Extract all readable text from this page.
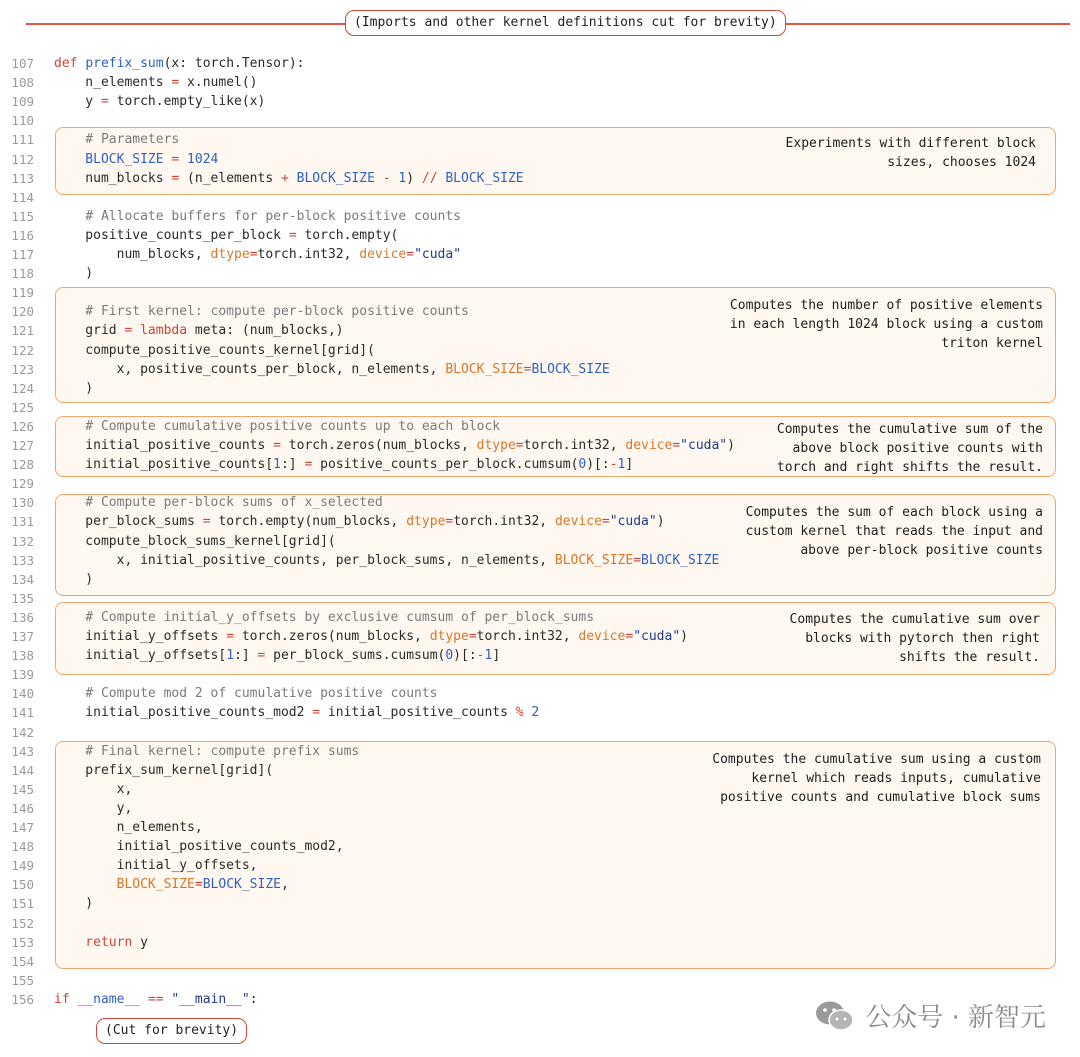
(Imports and other kernel definitions cut for brevity)
107 def prefix_sum(x: torch.Tensor):
108 n_elements = x.numel()
109 y = torch.empty_like(x)
110
111 # Parameters
112 BLOCK_SIZE = 1024
113 num_blocks = (n_elements + BLOCK_SIZE - 1) // BLOCK_SIZE
114
115 # Allocate buffers for per-block positive counts
116 positive_counts_per_block = torch.empty(
117 num_blocks, dtype=torch.int32, device="cuda"
118 )
119
120 # First kernel: compute per-block positive counts
121 grid = lambda meta: (num_blocks,)
122 compute_positive_counts_kernel[grid](
123 x, positive_counts_per_block, n_elements, BLOCK_SIZE=BLOCK_SIZE
124 )
125
126 # Compute cumulative positive counts up to each block
127 initial_positive_counts = torch.zeros(num_blocks, dtype=torch.int32, device="cuda")
128 initial_positive_counts[1:] = positive_counts_per_block.cumsum(0)[:-1]
129
130 # Compute per-block sums of x_selected
131 per_block_sums = torch.empty(num_blocks, dtype=torch.int32, device="cuda")
132 compute_block_sums_kernel[grid](
133 x, initial_positive_counts, per_block_sums, n_elements, BLOCK_SIZE=BLOCK_SIZE
134 )
135
136 # Compute initial_y_offsets by exclusive cumsum of per_block_sums
137 initial_y_offsets = torch.zeros(num_blocks, dtype=torch.int32, device="cuda")
138 initial_y_offsets[1:] = per_block_sums.cumsum(0)[:-1]
139
140 # Compute mod 2 of cumulative positive counts
141 initial_positive_counts_mod2 = initial_positive_counts % 2
142
143 # Final kernel: compute prefix sums
144 prefix_sum_kernel[grid](
145 x,
146 y,
147 n_elements,
148 initial_positive_counts_mod2,
149 initial_y_offsets,
150 BLOCK_SIZE=BLOCK_SIZE,
151 )
152
153 return y
154
155
156 if __name__ == "__main__":
Experiments with different block
sizes, chooses 1024
Computes the number of positive elements
in each length 1024 block using a custom
triton kernel
Computes the cumulative sum of the
above block positive counts with
torch and right shifts the result.
Computes the sum of each block using a
custom kernel that reads the input and
above per-block positive counts
Computes the cumulative sum over
blocks with pytorch then right
shifts the result.
Computes the cumulative sum using a custom
kernel which reads inputs, cumulative
positive counts and cumulative block sums
(Cut for brevity)	公众号 · 新智元
